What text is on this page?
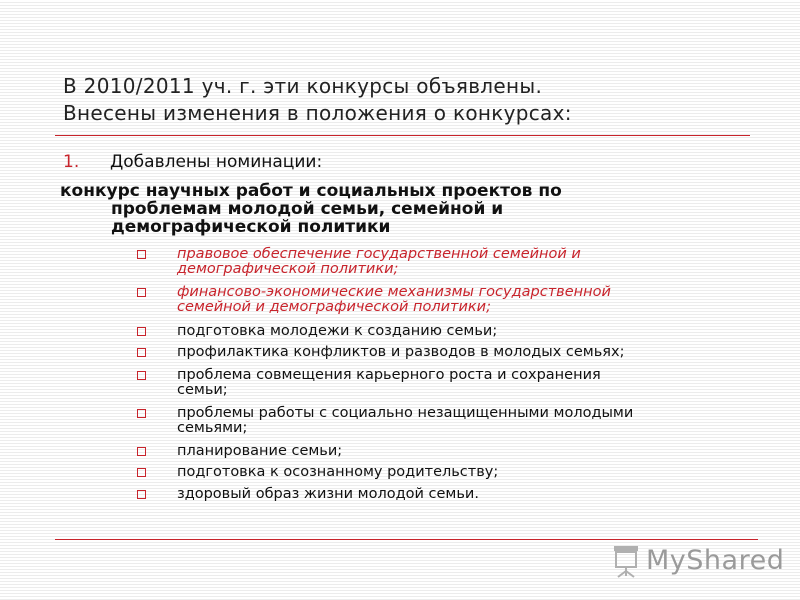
В 2010/2011 уч. г. эти конкурсы объявлены.
Внесены изменения в положения о конкурсах:
1. Добавлены номинации:
конкурс научных работ и социальных проектов по
проблемам молодой семьи, семейной и
демографической политики
правовое обеспечение государственной семейной и
демографической политики;
финансово-экономические механизмы государственной
семейной и демографической политики;
подготовка молодежи к созданию семьи;
профилактика конфликтов и разводов в молодых семьях;
проблема совмещения карьерного роста и сохранения
семьи;
проблемы работы с социально незащищенными молодыми
семьями;
планирование семьи;
подготовка к осознанному родительству;
здоровый образ жизни молодой семьи.
MyShared
